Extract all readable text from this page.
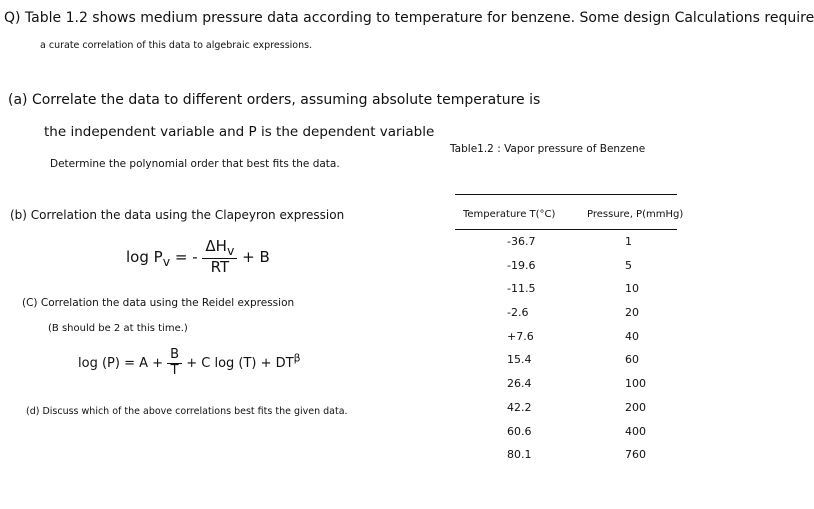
Q) Table 1.2 shows medium pressure data according to temperature for benzene. Some design Calculations require
a curate correlation of this data to algebraic expressions.
(a) Correlate the data to different orders, assuming absolute temperature is
the independent variable and P is the dependent variable
Determine the polynomial order that best fits the data.
(b) Correlation the data using the Clapeyron expression
$\log P_v$ = - $\frac{\Delta H_v}{RT} + B$
(C) Correlation the data using the Reidel expression
(B should be 2 at this time.)
$\log (P) = A + \frac{B}{T} + C$ $\log (T) + DT^\beta$
(d) Discuss which of the above correlations best fits the given data.
Table1.2 : Vapor pressure of Benzene
Temperature T(°C)	Pressure, P(mmHg)
-36.7	1
-19.6	5
-11.5	10
-2.6	20
+7.6	40
15.4	60
26.4	100
42.2	200
60.6	400
80.1	760
